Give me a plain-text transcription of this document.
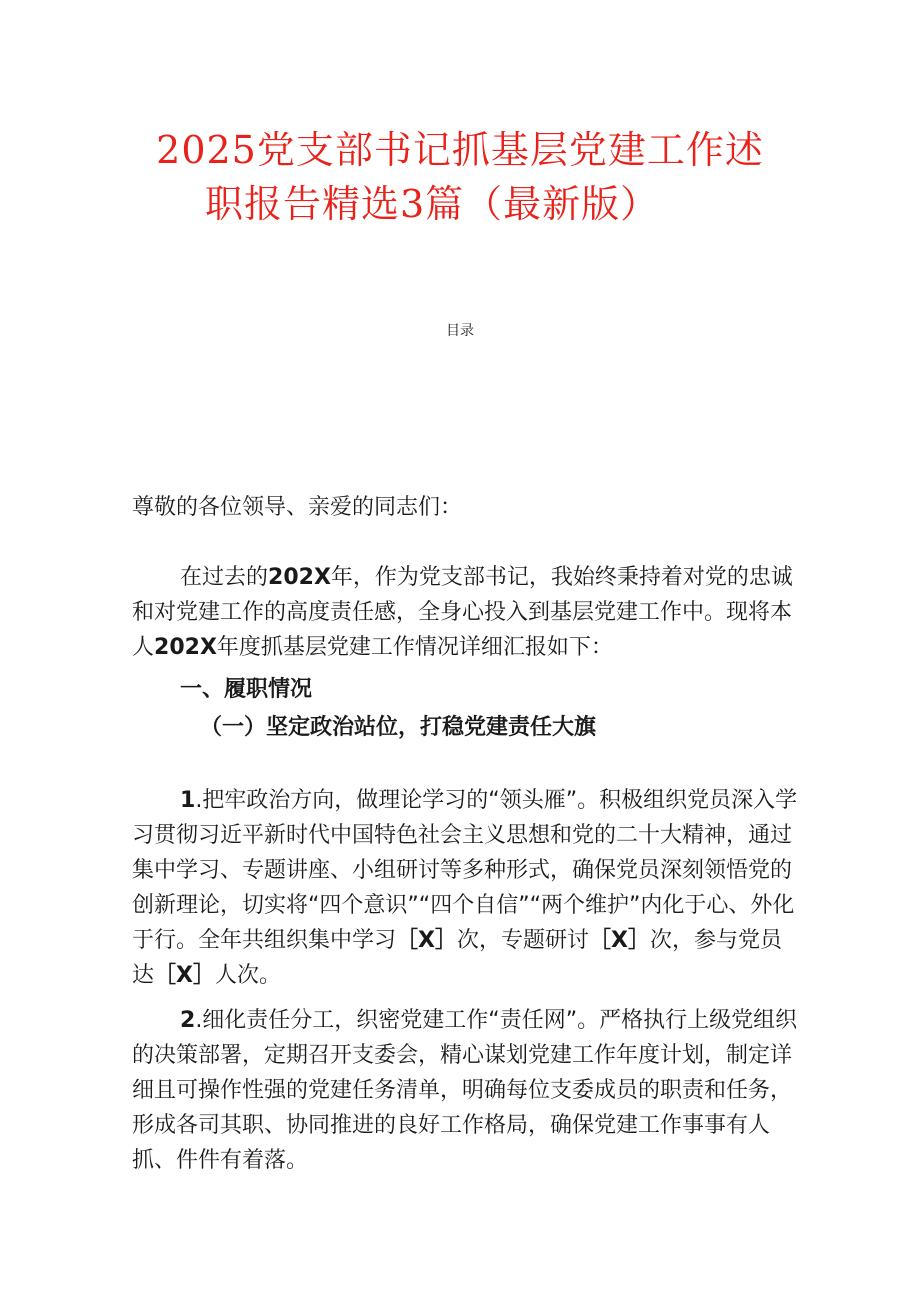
2025党支部书记抓基层党建工作述
职报告精选3篇（最新版）
目录
尊敬的各位领导、亲爱的同志们：
在过去的202X年，作为党支部书记，我始终秉持着对党的忠诚和对党建工作的高度责任感，全身心投入到基层党建工作中。现将本人202X年度抓基层党建工作情况详细汇报如下：
一、履职情况
（一）坚定政治站位，打稳党建责任大旗
1.把牢政治方向，做理论学习的“领头雁”。积极组织党员深入学习贯彻习近平新时代中国特色社会主义思想和党的二十大精神，通过集中学习、专题讲座、小组研讨等多种形式，确保党员深刻领悟党的创新理论，切实将“四个意识”“四个自信”“两个维护”内化于心、外化于行。全年共组织集中学习［X］次，专题研讨［X］次，参与党员达［X］人次。
2.细化责任分工，织密党建工作“责任网”。严格执行上级党组织的决策部署，定期召开支委会，精心谋划党建工作年度计划，制定详细且可操作性强的党建任务清单，明确每位支委成员的职责和任务，形成各司其职、协同推进的良好工作格局，确保党建工作事事有人抓、件件有着落。
